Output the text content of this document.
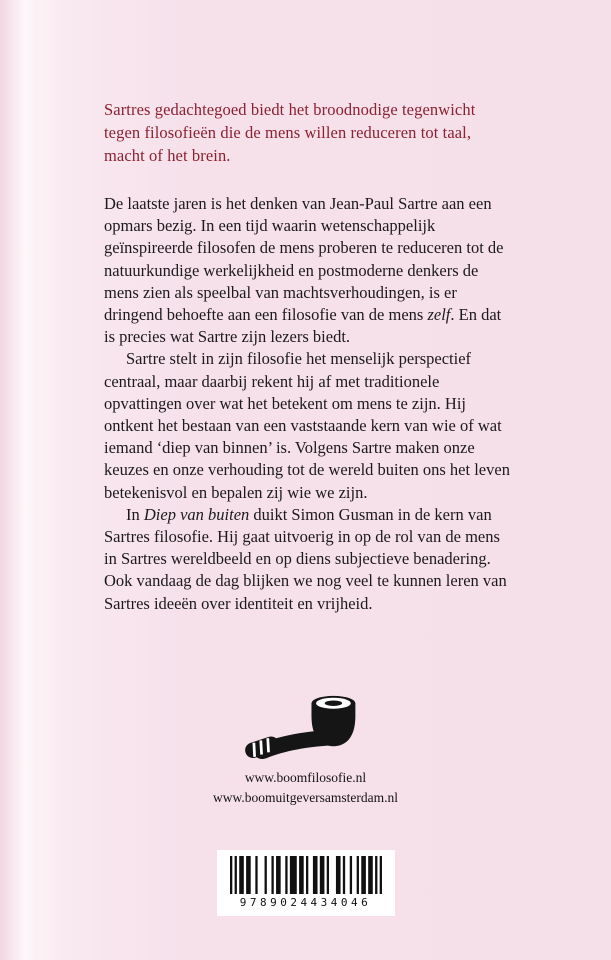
Sartres gedachtegoed biedt het broodnodige tegenwicht tegen filosofieën die de mens willen reduceren tot taal, macht of het brein.

De laatste jaren is het denken van Jean-Paul Sartre aan een opmars bezig. In een tijd waarin wetenschappelijk geïnspireerde filosofen de mens proberen te reduceren tot de natuurkundige werkelijkheid en postmoderne denkers de mens zien als speelbal van machtsverhoudingen, is er dringend behoefte aan een filosofie van de mens zelf. En dat is precies wat Sartre zijn lezers biedt.

Sartre stelt in zijn filosofie het menselijk perspectief centraal, maar daarbij rekent hij af met traditionele opvattingen over wat het betekent om mens te zijn. Hij ontkent het bestaan van een vaststaande kern van wie of wat iemand ‘diep van binnen’ is. Volgens Sartre maken onze keuzes en onze verhouding tot de wereld buiten ons het leven betekenisvol en bepalen zij wie we zijn.

In Diep van buiten duikt Simon Gusman in de kern van Sartres filosofie. Hij gaat uitvoerig in op de rol van de mens in Sartres wereldbeeld en op diens subjectieve benadering. Ook vandaag de dag blijken we nog veel te kunnen leren van Sartres ideeën over identiteit en vrijheid.

www.boomfilosofie.nl
www.boomuitgeversamsterdam.nl
9789024434046
